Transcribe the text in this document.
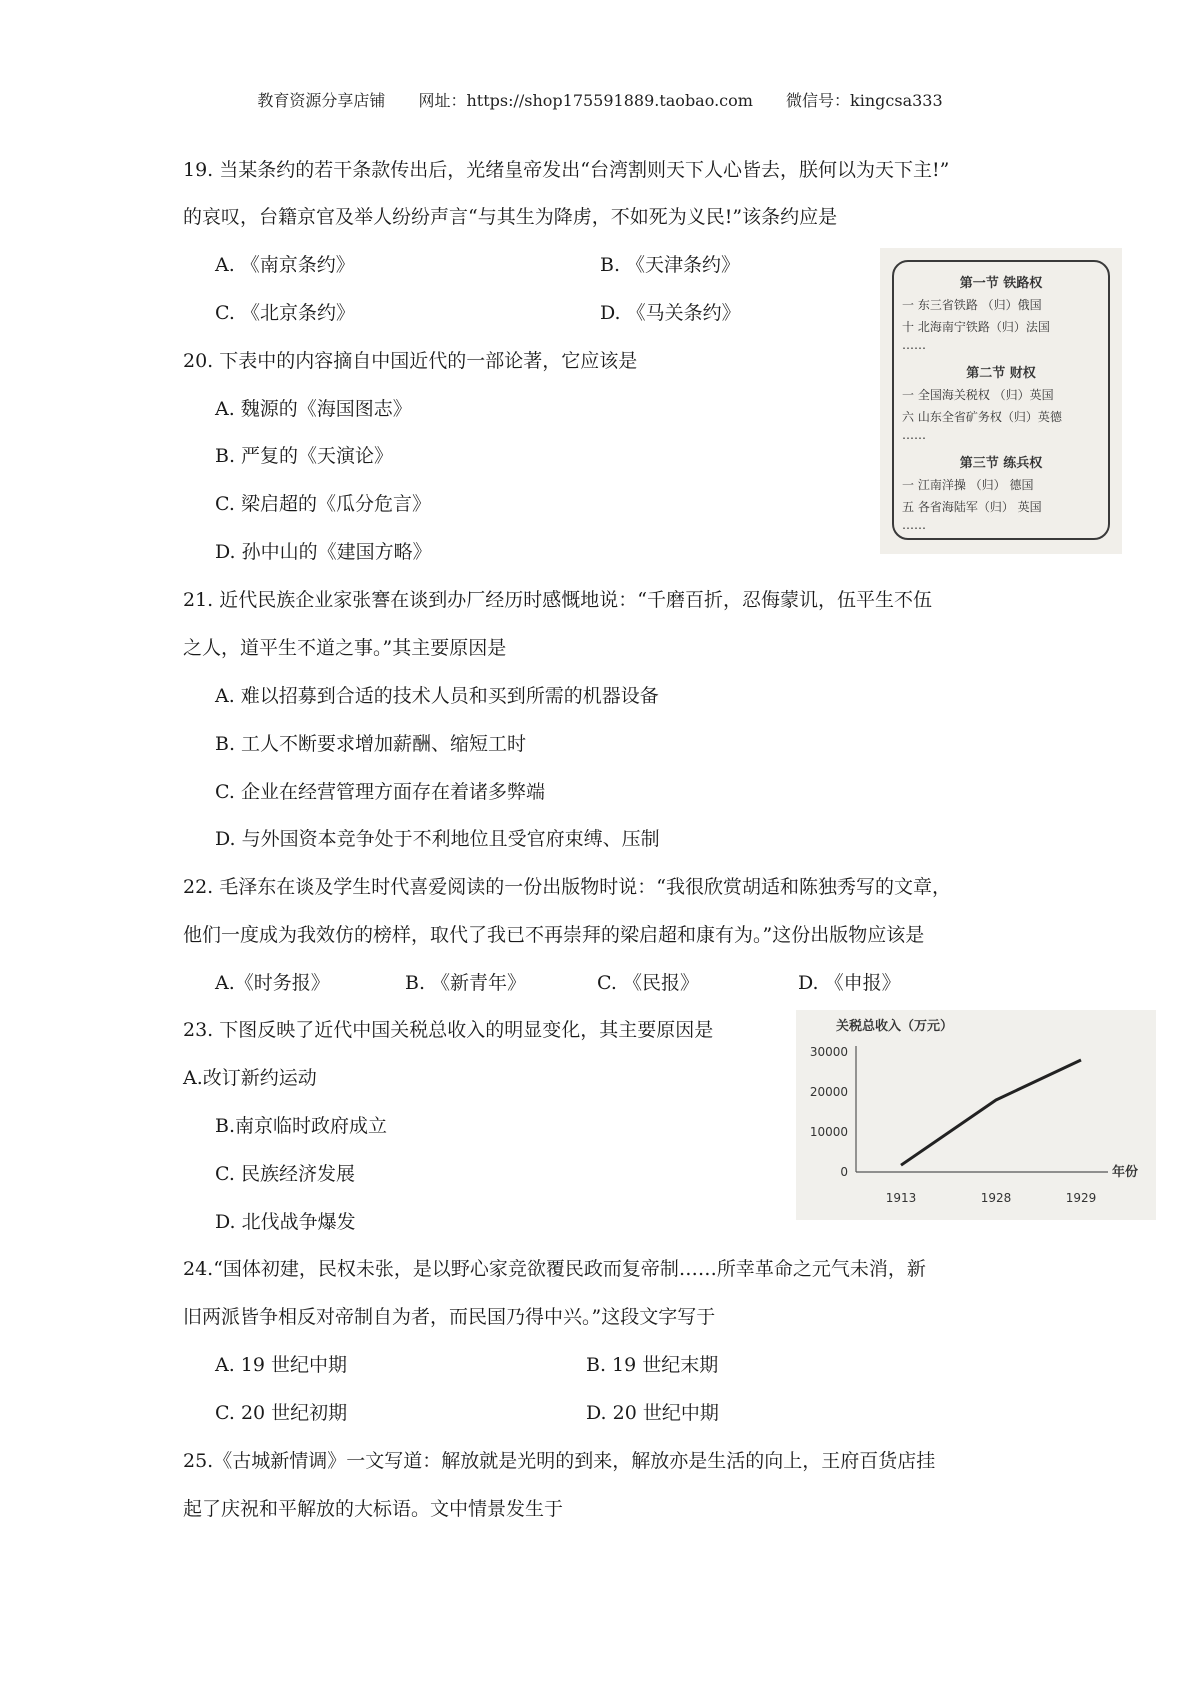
教育资源分享店铺 网址：https://shop175591889.taobao.com 微信号：kingcsa333
19. 当某条约的若干条款传出后，光绪皇帝发出“台湾割则天下人心皆去，朕何以为天下主!”
的哀叹，台籍京官及举人纷纷声言“与其生为降虏，不如死为义民!”该条约应是
A. 《南京条约》	B. 《天津条约》
C. 《北京条约》	D. 《马关条约》
20. 下表中的内容摘自中国近代的一部论著，它应该是
A. 魏源的《海国图志》
B. 严复的《天演论》
C. 梁启超的《瓜分危言》
D. 孙中山的《建国方略》
第一节 铁路权
一 东三省铁路 （归）俄国
十 北海南宁铁路（归）法国
……
第二节 财权
一 全国海关税权 （归）英国
六 山东全省矿务权（归）英德
……
第三节 练兵权
一 江南洋操 （归） 德国
五 各省海陆军（归） 英国
……
21. 近代民族企业家张謇在谈到办厂经历时感慨地说：“千磨百折，忍侮蒙讥，伍平生不伍
之人，道平生不道之事。”其主要原因是
A. 难以招募到合适的技术人员和买到所需的机器设备
B. 工人不断要求增加薪酬、缩短工时
C. 企业在经营管理方面存在着诸多弊端
D. 与外国资本竞争处于不利地位且受官府束缚、压制
22. 毛泽东在谈及学生时代喜爱阅读的一份出版物时说：“我很欣赏胡适和陈独秀写的文章，
他们一度成为我效仿的榜样，取代了我已不再崇拜的梁启超和康有为。”这份出版物应该是
A.《时务报》	B. 《新青年》	C. 《民报》	D. 《申报》
23. 下图反映了近代中国关税总收入的明显变化，其主要原因是
A.改订新约运动
B.南京临时政府成立
C. 民族经济发展
D. 北伐战争爆发
关税总收入（万元）
0
10000
20000
30000
1913	1928	1929
年份
24.“国体初建，民权未张，是以野心家竞欲覆民政而复帝制……所幸革命之元气未消，新
旧两派皆争相反对帝制自为者，而民国乃得中兴。”这段文字写于
A. 19 世纪中期	B. 19 世纪末期
C. 20 世纪初期	D. 20 世纪中期
25.《古城新情调》一文写道：解放就是光明的到来，解放亦是生活的向上，王府百货店挂
起了庆祝和平解放的大标语。文中情景发生于
